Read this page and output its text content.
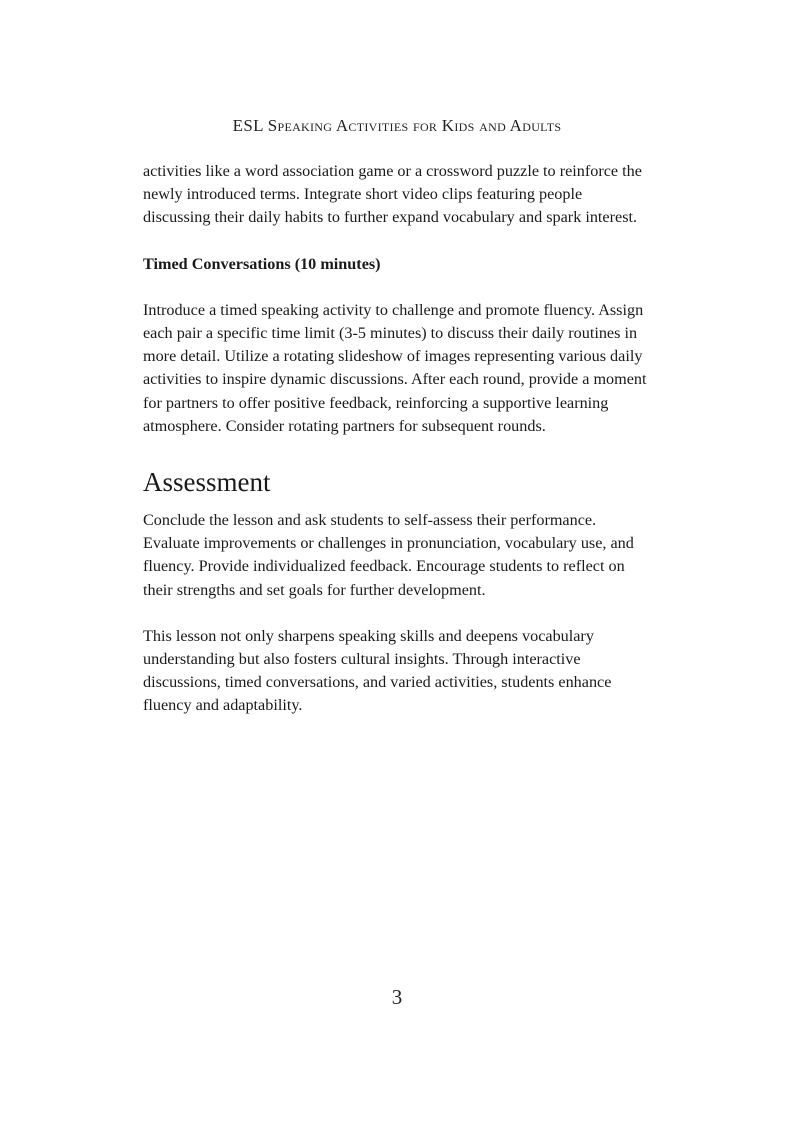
ESL Speaking Activities for Kids and Adults

activities like a word association game or a crossword puzzle to reinforce the newly introduced terms. Integrate short video clips featuring people discussing their daily habits to further expand vocabulary and spark interest.

Timed Conversations (10 minutes)

Introduce a timed speaking activity to challenge and promote fluency. Assign each pair a specific time limit (3-5 minutes) to discuss their daily routines in more detail. Utilize a rotating slideshow of images representing various daily activities to inspire dynamic discussions. After each round, provide a moment for partners to offer positive feedback, reinforcing a supportive learning atmosphere. Consider rotating partners for subsequent rounds.

Assessment

Conclude the lesson and ask students to self-assess their performance. Evaluate improvements or challenges in pronunciation, vocabulary use, and fluency. Provide individualized feedback. Encourage students to reflect on their strengths and set goals for further development.

This lesson not only sharpens speaking skills and deepens vocabulary understanding but also fosters cultural insights. Through interactive discussions, timed conversations, and varied activities, students enhance fluency and adaptability.

3
